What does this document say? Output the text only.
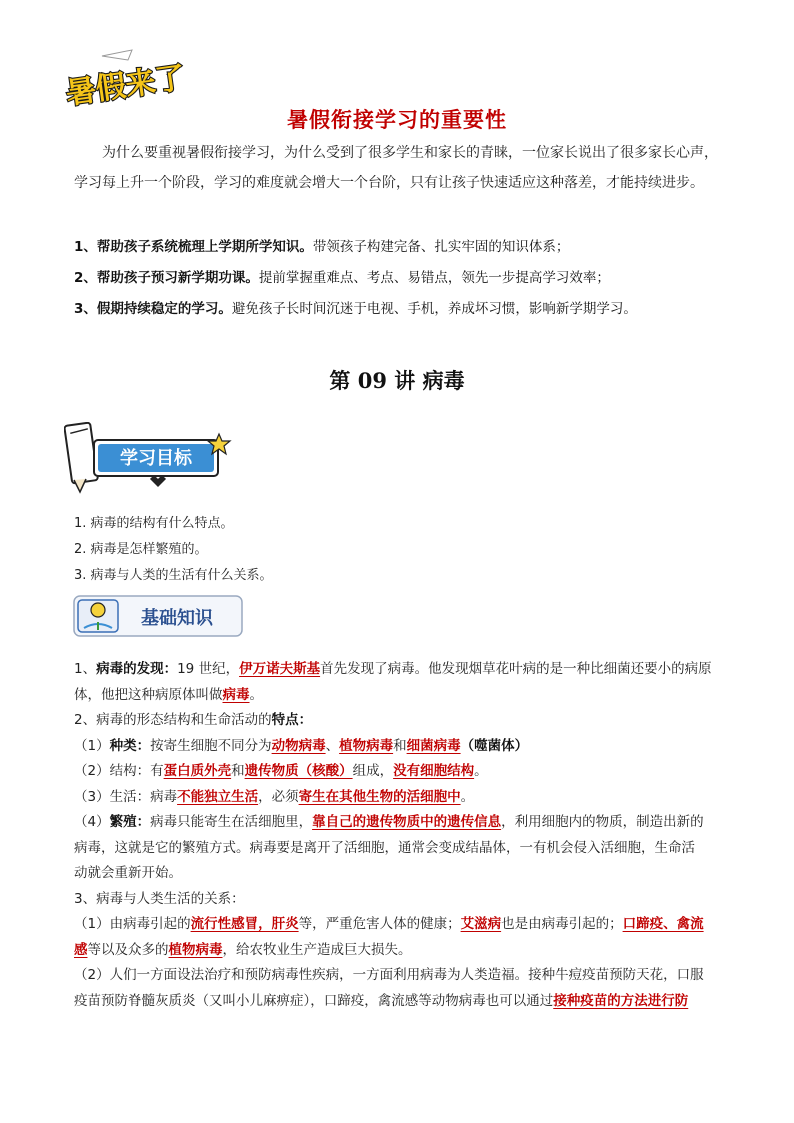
暑假来了
暑假衔接学习的重要性
为什么要重视暑假衔接学习，为什么受到了很多学生和家长的青睐，一位家长说出了很多家长心声，学习每上升一个阶段，学习的难度就会增大一个台阶，只有让孩子快速适应这种落差，才能持续进步。
1、帮助孩子系统梳理上学期所学知识。带领孩子构建完备、扎实牢固的知识体系；
2、帮助孩子预习新学期功课。提前掌握重难点、考点、易错点，领先一步提高学习效率；
3、假期持续稳定的学习。避免孩子长时间沉迷于电视、手机，养成坏习惯，影响新学期学习。
第 09 讲 病毒
学习目标
1. 病毒的结构有什么特点。
2. 病毒是怎样繁殖的。
3. 病毒与人类的生活有什么关系。
基础知识
1、病毒的发现：19 世纪，伊万诺夫斯基首先发现了病毒。他发现烟草花叶病的是一种比细菌还要小的病原
体，他把这种病原体叫做病毒。
2、病毒的形态结构和生命活动的特点：
（1）种类：按寄生细胞不同分为动物病毒、植物病毒和细菌病毒（噬菌体）
（2）结构：有蛋白质外壳和遗传物质（核酸）组成，没有细胞结构。
（3）生活：病毒不能独立生活，必须寄生在其他生物的活细胞中。
（4）繁殖：病毒只能寄生在活细胞里，靠自己的遗传物质中的遗传信息，利用细胞内的物质，制造出新的
病毒，这就是它的繁殖方式。病毒要是离开了活细胞，通常会变成结晶体，一有机会侵入活细胞，生命活
动就会重新开始。
3、病毒与人类生活的关系：
（1）由病毒引起的流行性感冒，肝炎等，严重危害人体的健康；艾滋病也是由病毒引起的；口蹄疫、禽流
感等以及众多的植物病毒，给农牧业生产造成巨大损失。
（2）人们一方面设法治疗和预防病毒性疾病，一方面利用病毒为人类造福。接种牛痘疫苗预防天花，口服
疫苗预防脊髓灰质炎（又叫小儿麻痹症），口蹄疫，禽流感等动物病毒也可以通过接种疫苗的方法进行防
